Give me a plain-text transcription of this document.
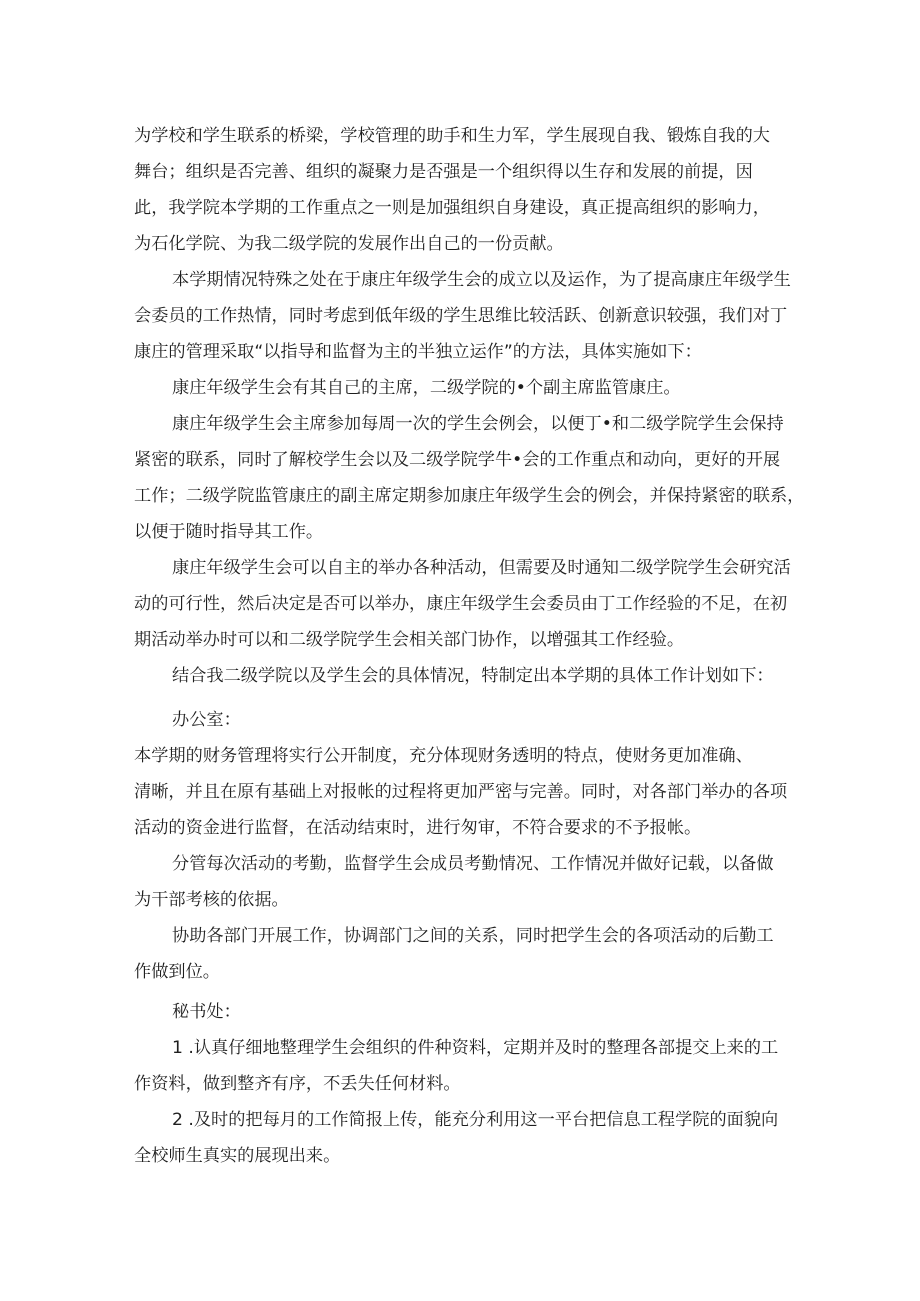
为学校和学生联系的桥梁，学校管理的助手和生力军，学生展现自我、锻炼自我的大

舞台；组织是否完善、组织的凝聚力是否强是一个组织得以生存和发展的前提，因

此，我学院本学期的工作重点之一则是加强组织自身建设，真正提高组织的影响力，

为石化学院、为我二级学院的发展作出自己的一份贡献。

本学期情况特殊之处在于康庄年级学生会的成立以及运作，为了提高康庄年级学生

会委员的工作热情，同时考虑到低年级的学生思维比较活跃、创新意识较强，我们对丁

康庄的管理采取“以指导和监督为主的半独立运作”的方法，具体实施如下：

康庄年级学生会有其自己的主席，二级学院的•个副主席监管康庄。

康庄年级学生会主席参加每周一次的学生会例会，以便丁•和二级学院学生会保持

紧密的联系，同时了解校学生会以及二级学院学牛•会的工作重点和动向，更好的开展

工作；二级学院监管康庄的副主席定期参加康庄年级学生会的例会，并保持紧密的联系，

以便于随时指导其工作。

康庄年级学生会可以自主的举办各种活动，但需要及时通知二级学院学生会研究活

动的可行性，然后决定是否可以举办，康庄年级学生会委员由丁工作经验的不足，在初

期活动举办时可以和二级学院学生会相关部门协作，以增强其工作经验。

结合我二级学院以及学生会的具体情况，特制定出本学期的具体工作计划如下：

办公室：

本学期的财务管理将实行公开制度，充分体现财务透明的特点，使财务更加准确、

清晰，并且在原有基础上对报帐的过程将更加严密与完善。同时，对各部门举办的各项

活动的资金进行监督，在活动结束时，进行匆审，不符合要求的不予报帐。

分管每次活动的考勤，监督学生会成员考勤情况、工作情况并做好记载，以备做

为干部考核的依据。

协助各部门开展工作，协调部门之间的关系，同时把学生会的各项活动的后勤工

作做到位。

秘书处：

1 .认真仔细地整理学生会组织的件种资料，定期并及时的整理各部提交上来的工

作资料，做到整齐有序，不丢失任何材料。

2 .及时的把每月的工作简报上传，能充分利用这一平台把信息工程学院的面貌向

全校师生真实的展现出来。
